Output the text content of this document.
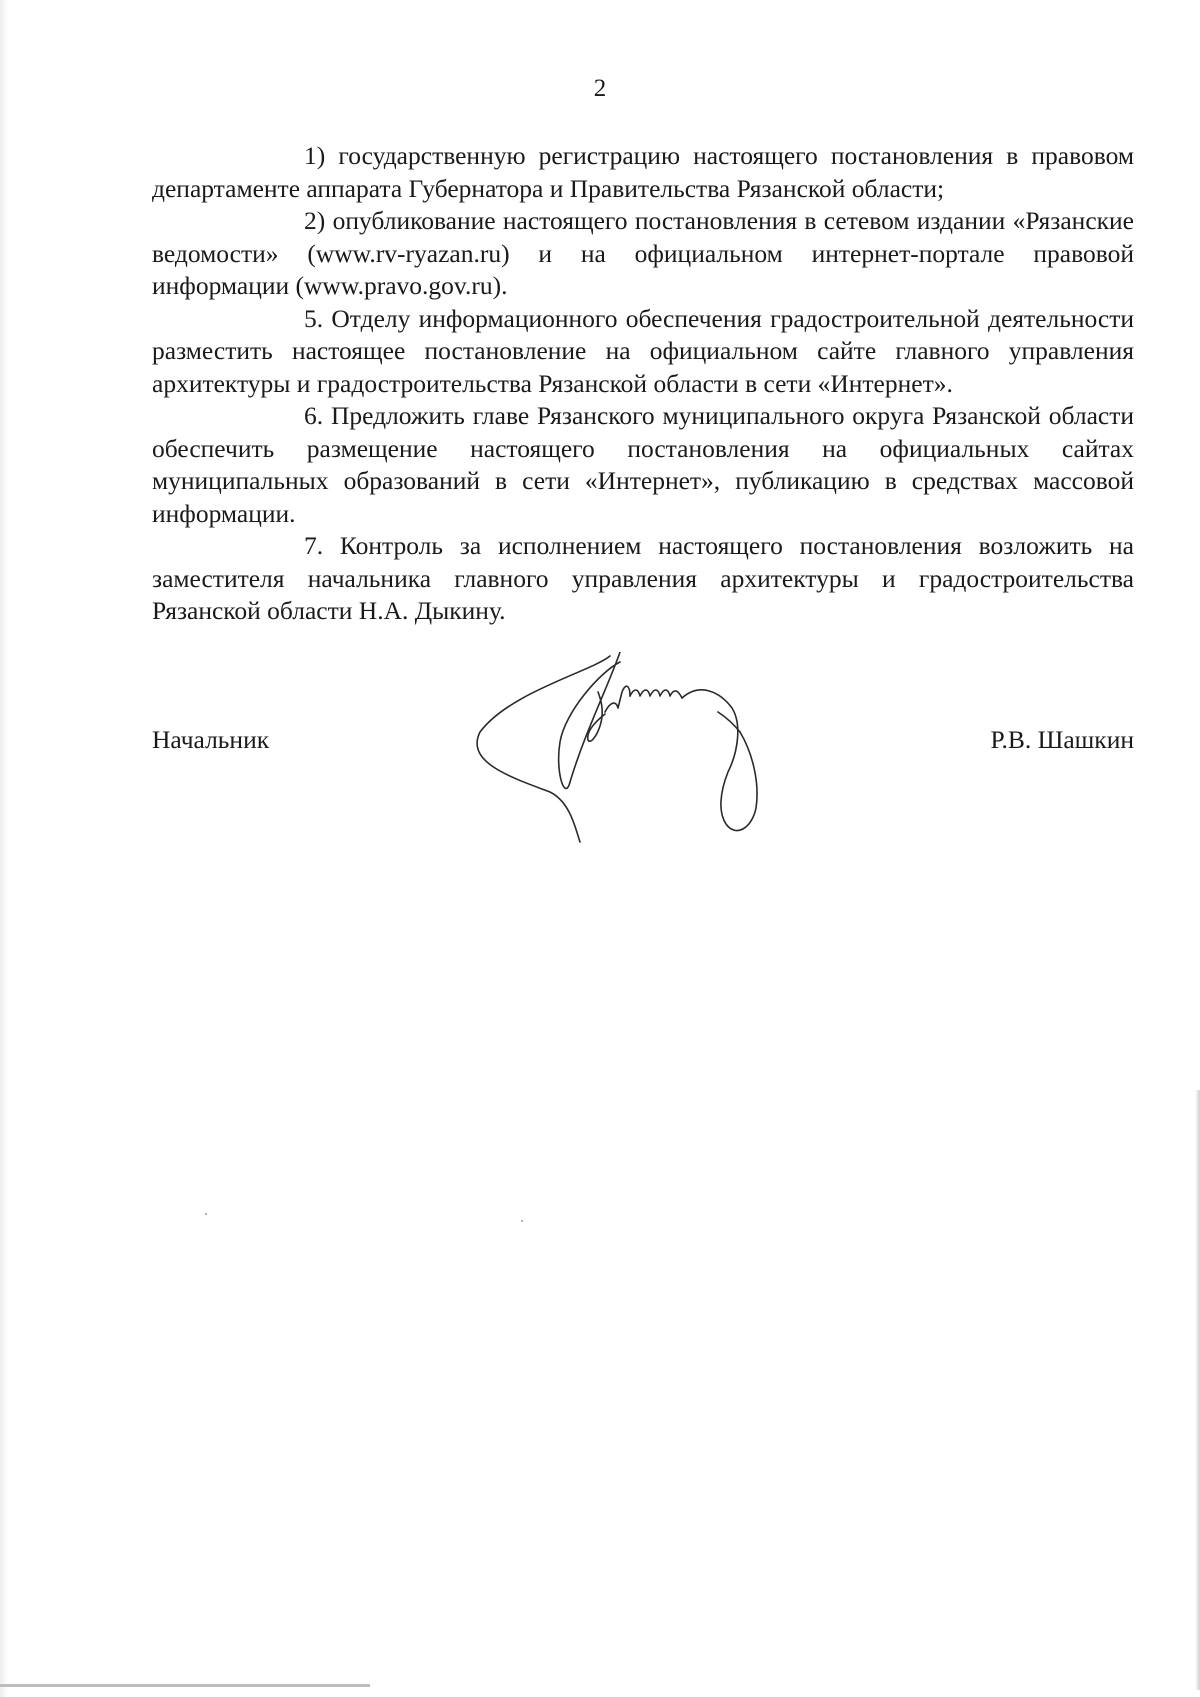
2

1) государственную регистрацию настоящего постановления в правовом департаменте аппарата Губернатора и Правительства Рязанской области;

2) опубликование настоящего постановления в сетевом издании «Рязанские ведомости» (www.rv-ryazan.ru) и на официальном интернет-портале правовой информации (www.pravo.gov.ru).

5. Отделу информационного обеспечения градостроительной деятельности разместить настоящее постановление на официальном сайте главного управления архитектуры и градостроительства Рязанской области в сети «Интернет».

6. Предложить главе Рязанского муниципального округа Рязанской области обеспечить размещение настоящего постановления на официальных сайтах муниципальных образований в сети «Интернет», публикацию в средствах массовой информации.

7. Контроль за исполнением настоящего постановления возложить на заместителя начальника главного управления архитектуры и градостроительства Рязанской области Н.А. Дыкину.

Начальник	Р.В. Шашкин
